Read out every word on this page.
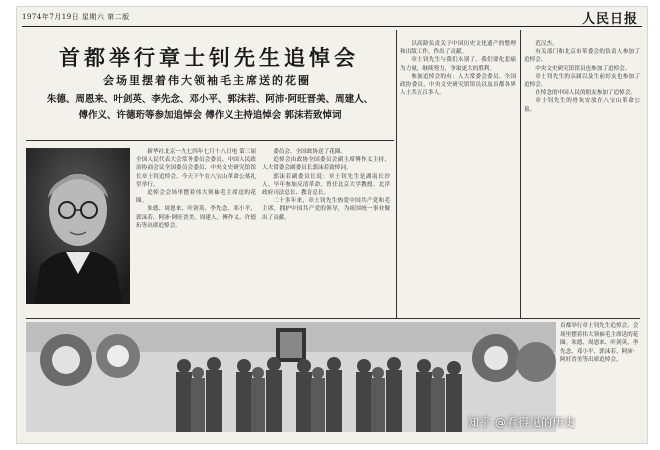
1974年7月19日 星期六 第二版	人民日报
首都举行章士钊先生追悼会
会场里摆着伟大领袖毛主席送的花圈
朱德、周恩来、叶剑英、李先念、邓小平、郭沫若、阿沛·阿旺晋美、周建人、
傅作义、许德珩等参加追悼会 傅作义主持追悼会 郭沫若致悼词

新华社北京一九七四年七月十八日电 第三届全国人民代表大会常务委员会委员、中国人民政治协商会议全国委员会委员、中央文史研究馆馆长章士钊追悼会，今天下午在八宝山革命公墓礼堂举行。

追悼会会场里摆着伟大领袖毛主席送的花圈。

朱德、周恩来、叶剑英、李先念、邓小平、郭沫若、阿沛·阿旺晋美、周建人、傅作义、许德珩等出席追悼会。

委员会、全国政协送了花圈。

追悼会由政协全国委员会副主席傅作义主持，人大常委会副委员长郭沫若致悼词。

郭沫若副委员长说：章士钊先生是湖南长沙人。早年参加反清革命，曾任北京大学教授、北洋政府司法总长、教育总长。

二十多年来，章士钊先生热爱中国共产党和毛主席，拥护中国共产党的领导，为祖国统一事业做出了贡献。

以高龄负责关于中国历史文化遗产的整理和出版工作，作出了贡献。

章士钊先生与我们永别了。我们要化悲痛为力量，继续努力，争取更大的胜利。

参加追悼会的有：人大常委会委员、全国政协委员、中央文史研究馆馆员以及首都各界人士共五百多人。

范汉杰。

有关部门和北京市革委会的负责人参加了追悼会。

中央文史研究馆馆员也参加了追悼会。

章士钊先生的亲属以及生前好友也参加了追悼会。

在悼念的中国人民的朋友参加了追悼会。

章士钊先生的骨灰安放在八宝山革命公墓。

首都举行章士钊先生追悼会。会场里摆着伟大领袖毛主席送的花圈。朱德、周恩来、叶剑英、李先念、邓小平、郭沫若、阿沛·阿旺晋美等出席追悼会。
知乎 @看得见的历史
